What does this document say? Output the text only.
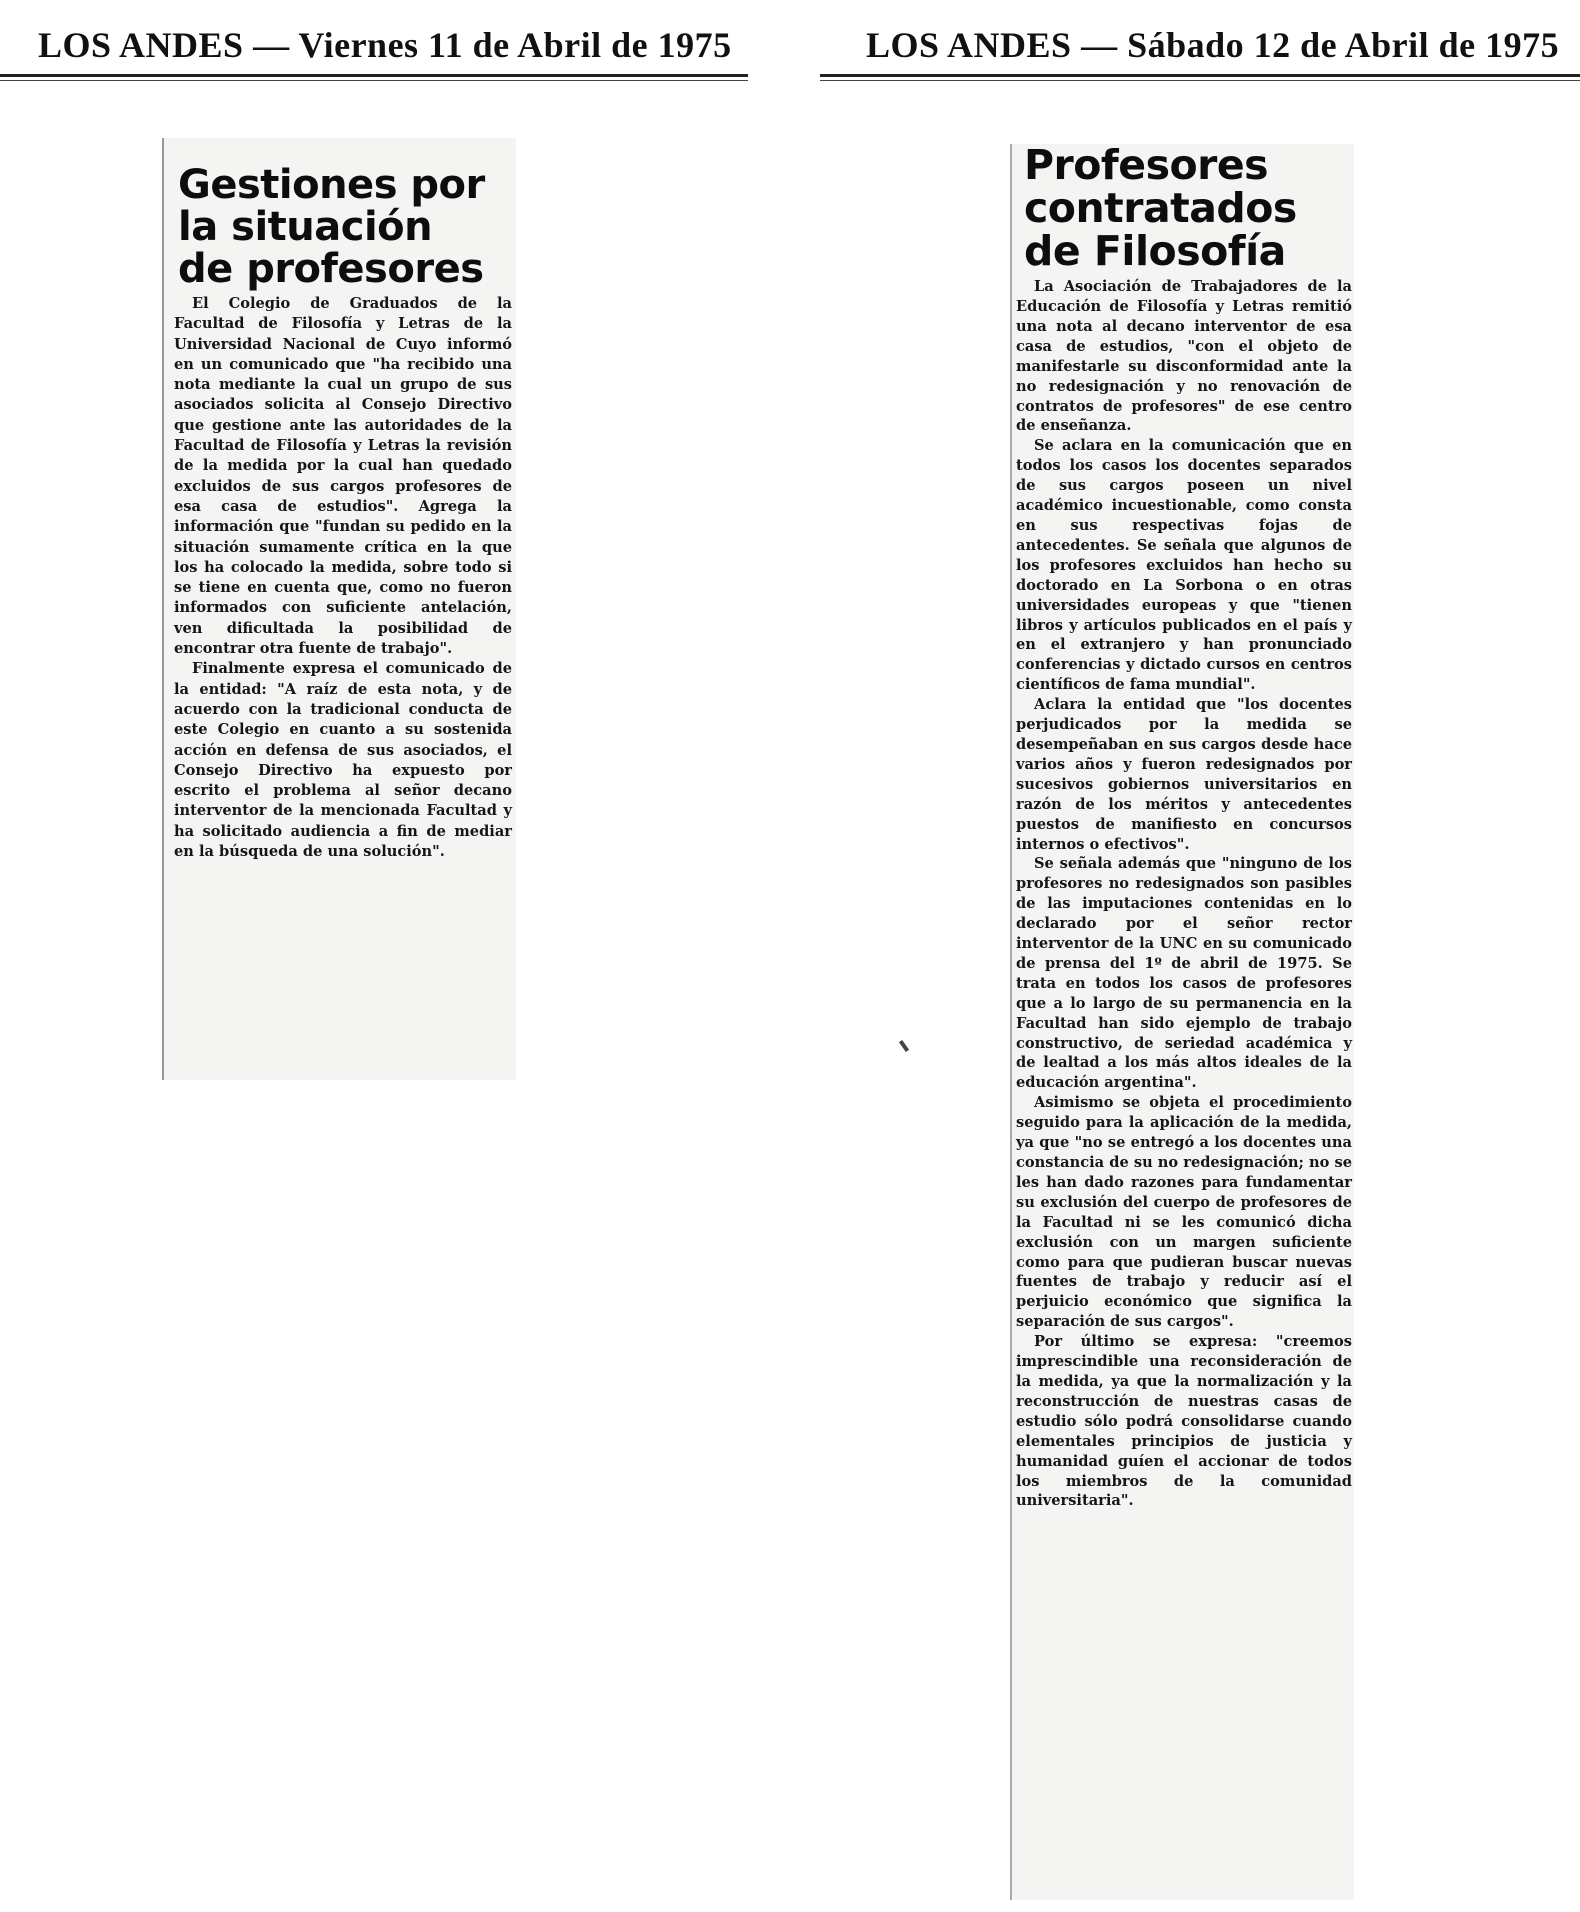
LOS ANDES — Viernes 11 de Abril de 1975	LOS ANDES — Sábado 12 de Abril de 1975
Gestiones por
la situación
de profesores

El Colegio de Graduados de la Facultad de Filosofía y Letras de la Universidad Nacional de Cuyo informó en un comunicado que "ha recibido una nota mediante la cual un grupo de sus asociados solicita al Consejo Directivo que gestione ante las autoridades de la Facultad de Filosofía y Letras la revisión de la medida por la cual han quedado excluidos de sus cargos profesores de esa casa de estudios". Agrega la información que "fundan su pedido en la situación sumamente crítica en la que los ha colocado la medida, sobre todo si se tiene en cuenta que, como no fueron informados con suficiente antelación, ven dificultada la posibilidad de encontrar otra fuente de trabajo".

Finalmente expresa el comunicado de la entidad: "A raíz de esta nota, y de acuerdo con la tradicional conducta de este Colegio en cuanto a su sostenida acción en defensa de sus asociados, el Consejo Directivo ha expuesto por escrito el problema al señor decano interventor de la mencionada Facultad y ha solicitado audiencia a fin de mediar en la búsqueda de una solución".

Profesores
contratados
de Filosofía

La Asociación de Trabajadores de la Educación de Filosofía y Letras remitió una nota al decano interventor de esa casa de estudios, "con el objeto de manifestarle su disconformidad ante la no redesignación y no renovación de contratos de profesores" de ese centro de enseñanza.

Se aclara en la comunicación que en todos los casos los docentes separados de sus cargos poseen un nivel académico incuestionable, como consta en sus respectivas fojas de antecedentes. Se señala que algunos de los profesores excluidos han hecho su doctorado en La Sorbona o en otras universidades europeas y que "tienen libros y artículos publicados en el país y en el extranjero y han pronunciado conferencias y dictado cursos en centros científicos de fama mundial".

Aclara la entidad que "los docentes perjudicados por la medida se desempeñaban en sus cargos desde hace varios años y fueron redesignados por sucesivos gobiernos universitarios en razón de los méritos y antecedentes puestos de manifiesto en concursos internos o efectivos".

Se señala además que "ninguno de los profesores no redesignados son pasibles de las imputaciones contenidas en lo declarado por el señor rector interventor de la UNC en su comunicado de prensa del 1º de abril de 1975. Se trata en todos los casos de profesores que a lo largo de su permanencia en la Facultad han sido ejemplo de trabajo constructivo, de seriedad académica y de lealtad a los más altos ideales de la educación argentina".

Asimismo se objeta el procedimiento seguido para la aplicación de la medida, ya que "no se entregó a los docentes una constancia de su no redesignación; no se les han dado razones para fundamentar su exclusión del cuerpo de profesores de la Facultad ni se les comunicó dicha exclusión con un margen suficiente como para que pudieran buscar nuevas fuentes de trabajo y reducir así el perjuicio económico que significa la separación de sus cargos".

Por último se expresa: "creemos imprescindible una reconsideración de la medida, ya que la normalización y la reconstrucción de nuestras casas de estudio sólo podrá consolidarse cuando elementales principios de justicia y humanidad guíen el accionar de todos los miembros de la comunidad universitaria".
